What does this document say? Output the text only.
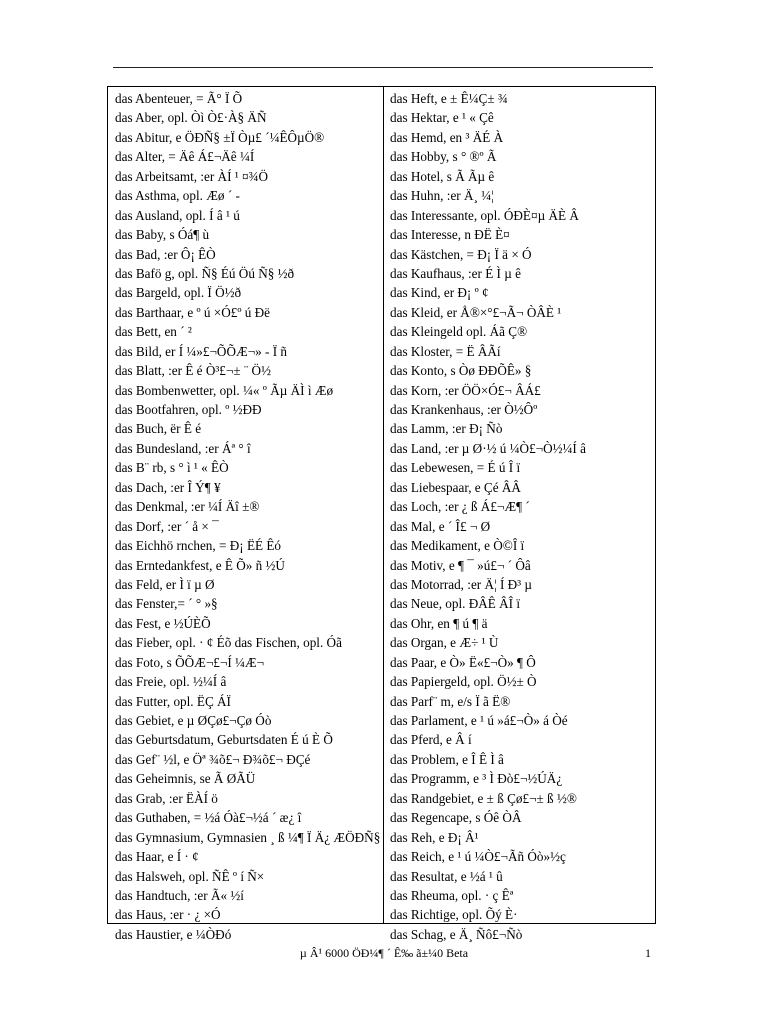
das Abenteuer, = Ã° Ï Õ
das Aber, opl. Òì Ò£·À§ ÄÑ
das Abitur, e ÖÐÑ§ ±Ï Òµ£ ´¼ÊÔµÖ®
das Alter, = Äê Á£¬Äê ¼Í
das Arbeitsamt, :er ÀÍ ¹ ¤¾Ö
das Asthma, opl. Æø ´ -
das Ausland, opl. Í â ¹ ú
das Baby, s Óá¶ ù
das Bad, :er Ô¡ ÊÒ
das Bafö g, opl. Ñ§ Éú Öú Ñ§ ½ð
das Bargeld, opl. Ï Ö½ð
das Barthaar, e º ú ×Ó£º ú Ðë
das Bett, en ´ ²
das Bild, er Í ¼»£¬ÕÕÆ¬» - Ï ñ
das Blatt, :er Ê é Ò³£¬± ¨ Ö½
das Bombenwetter, opl. ¼« º Ãµ ÄÌ ì Æø
das Bootfahren, opl. º ½ÐÐ
das Buch, ër Ê é
das Bundesland, :er Áª ° î
das B¨ rb, s ° ì ¹ « ÊÒ
das Dach, :er Î Ý¶ ¥
das Denkmal, :er ¼Í Äî ±®
das Dorf, :er ´ å × ¯
das Eichhö rnchen, = Ð¡ ËÉ Êó
das Erntedankfest, e Ê Õ» ñ ½Ú
das Feld, er Ì ï µ Ø
das Fenster,= ´ ° »§
das Fest, e ½ÚÈÕ
das Fieber, opl. · ¢ Éõ das Fischen, opl. Óã
das Foto, s ÕÕÆ¬£¬Í ¼Æ¬
das Freie, opl. ½¼Í â
das Futter, opl. ËÇ ÁÏ
das Gebiet, e µ ØÇø£¬Çø Óò
das Geburtsdatum, Geburtsdaten É ú È Õ
das Gef¨ ½l, e Öª ¾õ£¬ Ð¾õ£¬ ÐÇé
das Geheimnis, se Ã ØÃÜ
das Grab, :er ËÀÍ ö
das Guthaben, = ½á Óà£¬½á ´ æ¿ î
das Gymnasium, Gymnasien ¸ ß ¼¶ Ï Ä¿ ÆÖÐÑ§
das Haar, e Í · ¢
das Halsweh, opl. ÑÊ º í Ñ×
das Handtuch, :er Ã« ½í
das Haus, :er · ¿ ×Ó
das Haustier, e ¼ÒÐó
das Heft, e ± Ê¼Ç± ¾
das Hektar, e ¹ « Çê
das Hemd, en ³ ÄÉ À
das Hobby, s ° ®º Ã
das Hotel, s Ã Ãµ ê
das Huhn, :er Ä¸ ¼¦
das Interessante, opl. ÓÐÈ¤µ ÄÈ Â
das Interesse, n ÐË È¤
das Kästchen, = Ð¡ Ï ä × Ó
das Kaufhaus, :er É Ì µ ê
das Kind, er Ð¡ º ¢
das Kleid, er Å®×°£¬Ã¬ ÒÂÈ ¹
das Kleingeld opl. Áã Ç®
das Kloster, = Ë ÂÃí
das Konto, s Òø ÐÐÕÊ» §
das Korn, :er ÖÖ×Ó£¬ ÂÁ£
das Krankenhaus, :er Ò½Ôº
das Lamm, :er Ð¡ Ñò
das Land, :er µ Ø·½ ú ¼Ò£¬Ò½¼Í â
das Lebewesen, = É ú Î ï
das Liebespaar, e Çé ÂÂ
das Loch, :er ¿ ß Á£¬Æ¶ ´
das Mal, e ´ Î£ ¬ Ø
das Medikament, e Ò©Î ï
das Motiv, e ¶ ¯ »ú£¬ ´ Ôâ
das Motorrad, :er Ä¦ Í Ð³ µ
das Neue, opl. ÐÂÊ ÂÎ ï
das Ohr, en ¶ ú ¶ ä
das Organ, e Æ÷ ¹ Ù
das Paar, e Ò» Ë«£¬Ò» ¶ Ô
das Papiergeld, opl. Ö½± Ò
das Parf¨ m, e/s Ï ã Ë®
das Parlament, e ¹ ú »á£¬Ò» á Òé
das Pferd, e Â í
das Problem, e Î Ê Ì â
das Programm, e ³ Ì Ðò£¬½ÚÄ¿
das Randgebiet, e ± ß Çø£¬± ß ½®
das Regencape, s Óê ÒÂ
das Reh, e Ð¡ Â¹
das Reich, e ¹ ú ¼Ò£¬Ãñ Óò»½ç
das Resultat, e ½á ¹ û
das Rheuma, opl. · ç Êª
das Richtige, opl. Õý È·
das Schag, e Ä¸ Ñô£¬Ñò
µ Â¹ 6000 ÖÐ¼¶ ´ Ê‰ ã±¼0 Beta	1
